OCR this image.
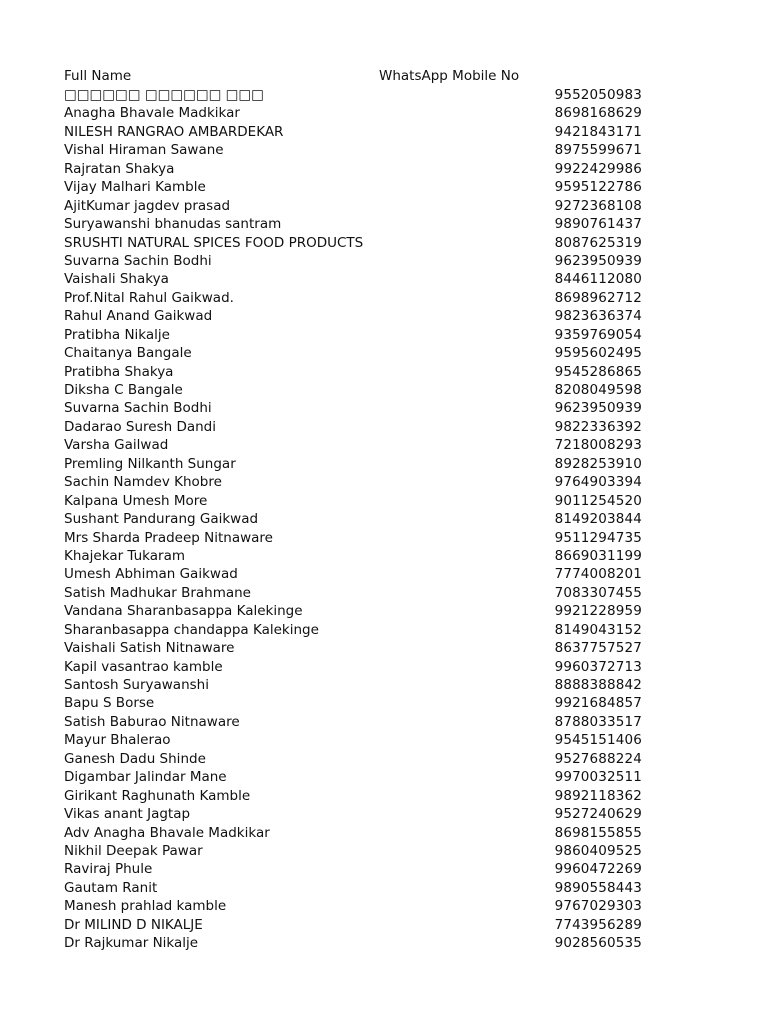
Full Name	WhatsApp Mobile No
□□□□□□ □□□□□□ □□□	9552050983
Anagha Bhavale Madkikar	8698168629
NILESH RANGRAO AMBARDEKAR	9421843171
Vishal Hiraman Sawane	8975599671
Rajratan Shakya	9922429986
Vijay Malhari Kamble	9595122786
AjitKumar jagdev prasad	9272368108
Suryawanshi bhanudas santram	9890761437
SRUSHTI NATURAL SPICES FOOD PRODUCTS	8087625319
Suvarna Sachin Bodhi	9623950939
Vaishali Shakya	8446112080
Prof.Nital Rahul Gaikwad.	8698962712
Rahul Anand Gaikwad	9823636374
Pratibha Nikalje	9359769054
Chaitanya Bangale	9595602495
Pratibha Shakya	9545286865
Diksha C Bangale	8208049598
Suvarna Sachin Bodhi	9623950939
Dadarao Suresh Dandi	9822336392
Varsha Gailwad	7218008293
Premling Nilkanth Sungar	8928253910
Sachin Namdev Khobre	9764903394
Kalpana Umesh More	9011254520
Sushant Pandurang Gaikwad	8149203844
Mrs Sharda Pradeep Nitnaware	9511294735
Khajekar Tukaram	8669031199
Umesh Abhiman Gaikwad	7774008201
Satish Madhukar Brahmane	7083307455
Vandana Sharanbasappa Kalekinge	9921228959
Sharanbasappa chandappa Kalekinge	8149043152
Vaishali Satish Nitnaware	8637757527
Kapil vasantrao kamble	9960372713
Santosh Suryawanshi	8888388842
Bapu S Borse	9921684857
Satish Baburao Nitnaware	8788033517
Mayur Bhalerao	9545151406
Ganesh Dadu Shinde	9527688224
Digambar Jalindar Mane	9970032511
Girikant Raghunath Kamble	9892118362
Vikas anant Jagtap	9527240629
Adv Anagha Bhavale Madkikar	8698155855
Nikhil Deepak Pawar	9860409525
Raviraj Phule	9960472269
Gautam Ranit	9890558443
Manesh prahlad kamble	9767029303
Dr MILIND D NIKALJE	7743956289
Dr Rajkumar Nikalje	9028560535
